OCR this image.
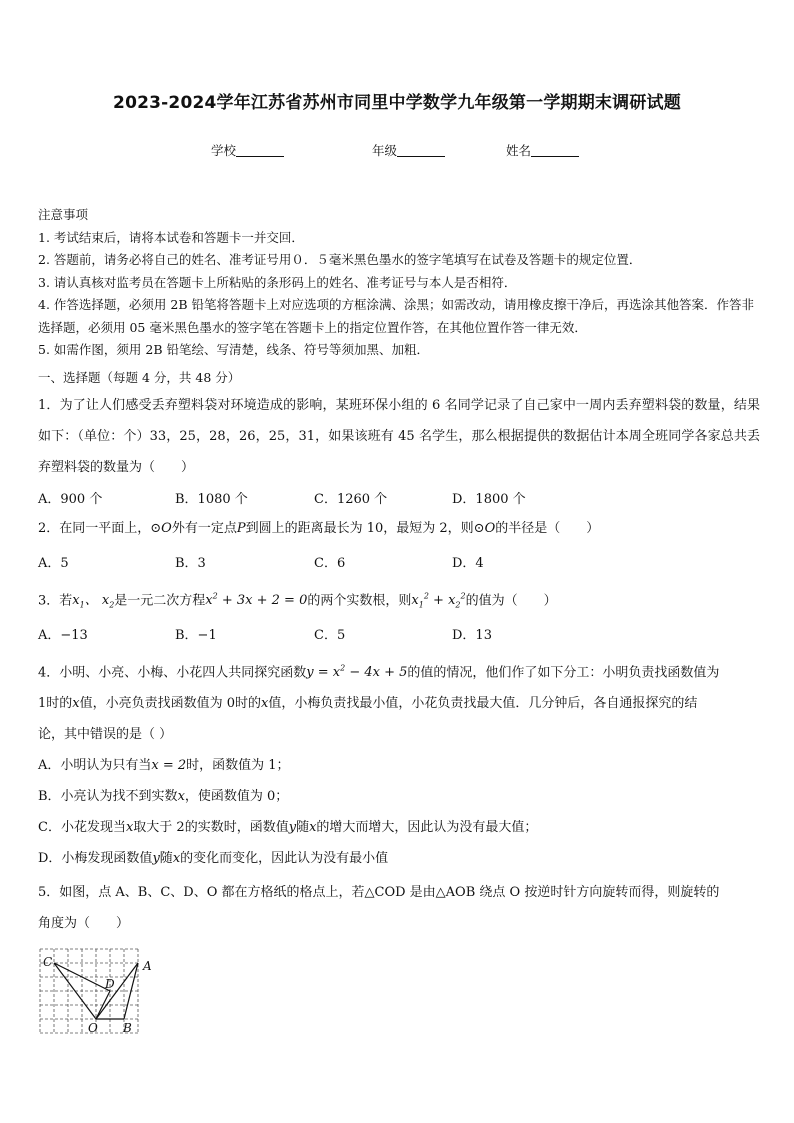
2023-2024学年江苏省苏州市同里中学数学九年级第一学期期末调研试题
学校	年级	姓名
注意事项
1. 考试结束后，请将本试卷和答题卡一并交回．
2. 答题前，请务必将自己的姓名、准考证号用０．５毫米黑色墨水的签字笔填写在试卷及答题卡的规定位置．
3. 请认真核对监考员在答题卡上所粘贴的条形码上的姓名、准考证号与本人是否相符．
4. 作答选择题，必须用 2B 铅笔将答题卡上对应选项的方框涂满、涂黑；如需改动，请用橡皮擦干净后，再选涂其他答案．作答非选择题，必须用 05 毫米黑色墨水的签字笔在答题卡上的指定位置作答，在其他位置作答一律无效．
5. 如需作图，须用 2B 铅笔绘、写清楚，线条、符号等须加黑、加粗．
一、选择题（每题 4 分，共 48 分）
1．为了让人们感受丢弃塑料袋对环境造成的影响，某班环保小组的 6 名同学记录了自己家中一周内丢弃塑料袋的数量，结果如下：（单位：个）33，25，28，26，25，31，如果该班有 45 名学生，那么根据提供的数据估计本周全班同学各家总共丢弃塑料袋的数量为（　　）
A．900 个	B．1080 个	C．1260 个	D．1800 个
2．在同一平面上，⊙O外有一定点P到圆上的距离最长为 10，最短为 2，则⊙O的半径是（　　）
A．5	B．3	C．6	D．4
3．若$x_1$、 $x_2$是一元二次方程$x^2 + 3x + 2 = 0$的两个实数根，则$x_1^2 + x_2^2$的值为（　　）
A．−13	B．−1	C．5	D．13
4．小明、小亮、小梅、小花四人共同探究函数$y = x^2 - 4x + 5$的值的情况，他们作了如下分工：小明负责找函数值为
1时的x值，小亮负责找函数值为 0时的x值，小梅负责找最小值，小花负责找最大值．几分钟后，各自通报探究的结
论，其中错误的是（ ）
A．小明认为只有当x = 2时，函数值为 1；
B．小亮认为找不到实数x，使函数值为 0；
C．小花发现当x取大于 2的实数时，函数值y随x的增大而增大，因此认为没有最大值；
D．小梅发现函数值y随x的变化而变化，因此认为没有最小值
5．如图，点 A、B、C、D、O 都在方格纸的格点上，若△COD 是由△AOB 绕点 O 按逆时针方向旋转而得，则旋转的
角度为（　　）
C	A
D
O B
